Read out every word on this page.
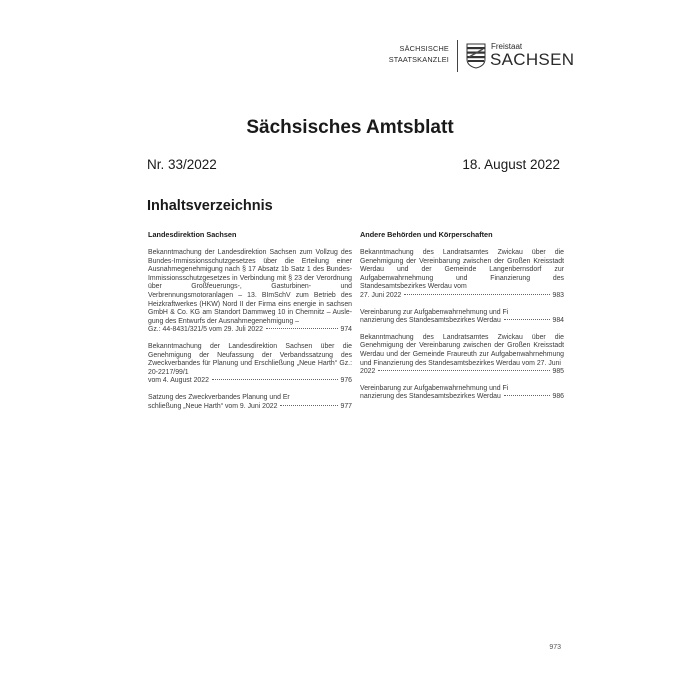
SÄCHSISCHE
STAATSKANZLEI
Freistaat
SACHSEN
Sächsisches Amtsblatt
Nr. 33/2022	18. August 2022
Inhaltsverzeichnis
Landesdirektion Sachsen
Bekanntmachung der Landesdirektion Sachsen zum Vollzug des Bundes-Immissionsschutzgesetzes über die Erteilung einer Ausnahmegenehmigung nach § 17 Absatz 1b Satz 1 des Bundes-Immissionsschutzgesetzes in Verbindung mit § 23 der Verordnung über Großfeuerungs-, Gasturbinen- und Verbrennungsmotoranlagen – 13. BImSchV zum Betrieb des Heizkraftwerkes (HKW) Nord II der Firma eins energie in sachsen GmbH & Co. KG am Standort Dammweg 10 in Chemnitz – Auslegung des Entwurfs der Ausnahmegenehmigung –
Gz.: 44-8431/321/5 vom 29. Juli 2022	974
Bekanntmachung der Landesdirektion Sachsen über die Genehmigung der Neufassung der Verbandssatzung des Zweckverbandes für Planung und Erschließung „Neue Harth“ Gz.: 20-2217/99/1
vom 4. August 2022	976
Satzung des Zweckverbandes Planung und Er
schließung „Neue Harth“ vom 9. Juni 2022	977
Andere Behörden und Körperschaften
Bekanntmachung des Landratsamtes Zwickau über die Genehmigung der Vereinbarung zwischen der Großen Kreisstadt Werdau und der Gemeinde Langenbernsdorf zur Aufgabenwahrnehmung und Finanzierung des Standesamtsbezirkes Werdau vom
27. Juni 2022	983
Vereinbarung zur Aufgabenwahrnehmung und Fi
nanzierung des Standesamtsbezirkes Werdau	984
Bekanntmachung des Landratsamtes Zwickau über die Genehmigung der Vereinbarung zwischen der Großen Kreisstadt Werdau und der Gemeinde Fraureuth zur Aufgabenwahrnehmung und Finanzierung des Standesamtsbezirkes Werdau vom 27. Juni
2022	985
Vereinbarung zur Aufgabenwahrnehmung und Fi
nanzierung des Standesamtsbezirkes Werdau	986
973
